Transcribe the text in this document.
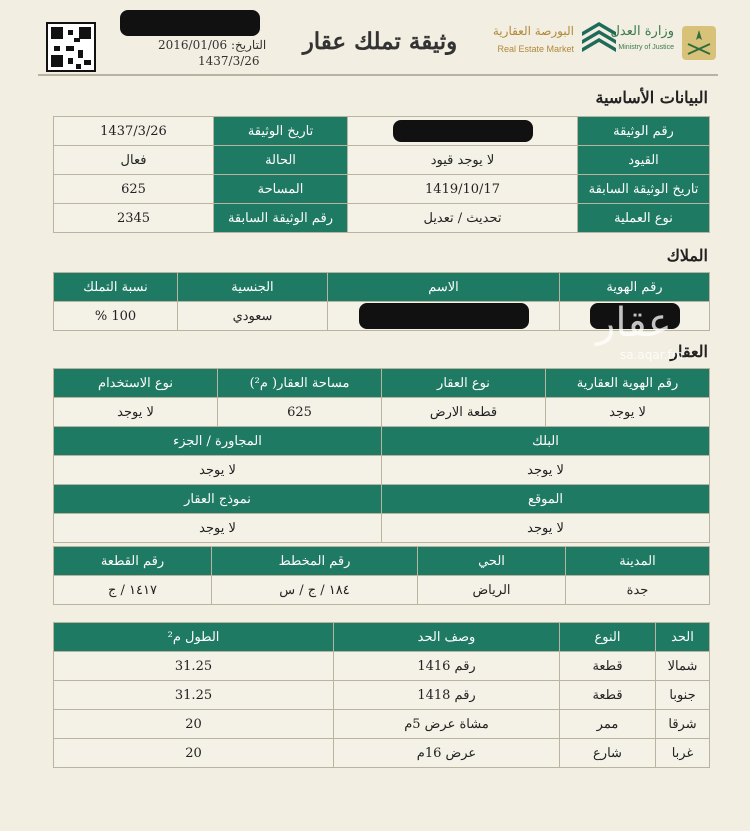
التاريخ: 2016/01/06
1437/3/26
وثيقة تملك عقار	البورصة العقارية
Real Estate Market
وزارة العدل
Ministry of Justice
البيانات الأساسية
رقم الوثيقة		تاريخ الوثيقة	1437/3/26
القيود	لا يوجد قيود	الحالة	فعال
تاريخ الوثيقة السابقة	1419/10/17	المساحة	625
نوع العملية	تحديث / تعديل	رقم الوثيقة السابقة	2345
الملاك
رقم الهوية	الاسم	الجنسية	نسبة التملك
		سعودي	100 %
العقار
رقم الهوية العقارية	نوع العقار	مساحة العقار( م²)	نوع الاستخدام
لا يوجد	قطعة الارض	625	لا يوجد
البلك		المجاورة / الجزء	
لا يوجد		لا يوجد	
الموقع		نموذج العقار	
لا يوجد		لا يوجد	
المدينة	الحي	رقم المخطط	رقم القطعة
جدة	الرياض	١٨٤ / ج / س	١٤١٧ / ج
الحد	النوع	وصف الحد	الطول م²
شمالا	قطعة	رقم 1416	31.25
جنوبا	قطعة	رقم 1418	31.25
شرقا	ممر	مشاة عرض 5م	20
غربا	شارع	عرض 16م	20
عقار
sa.aqar.fm
